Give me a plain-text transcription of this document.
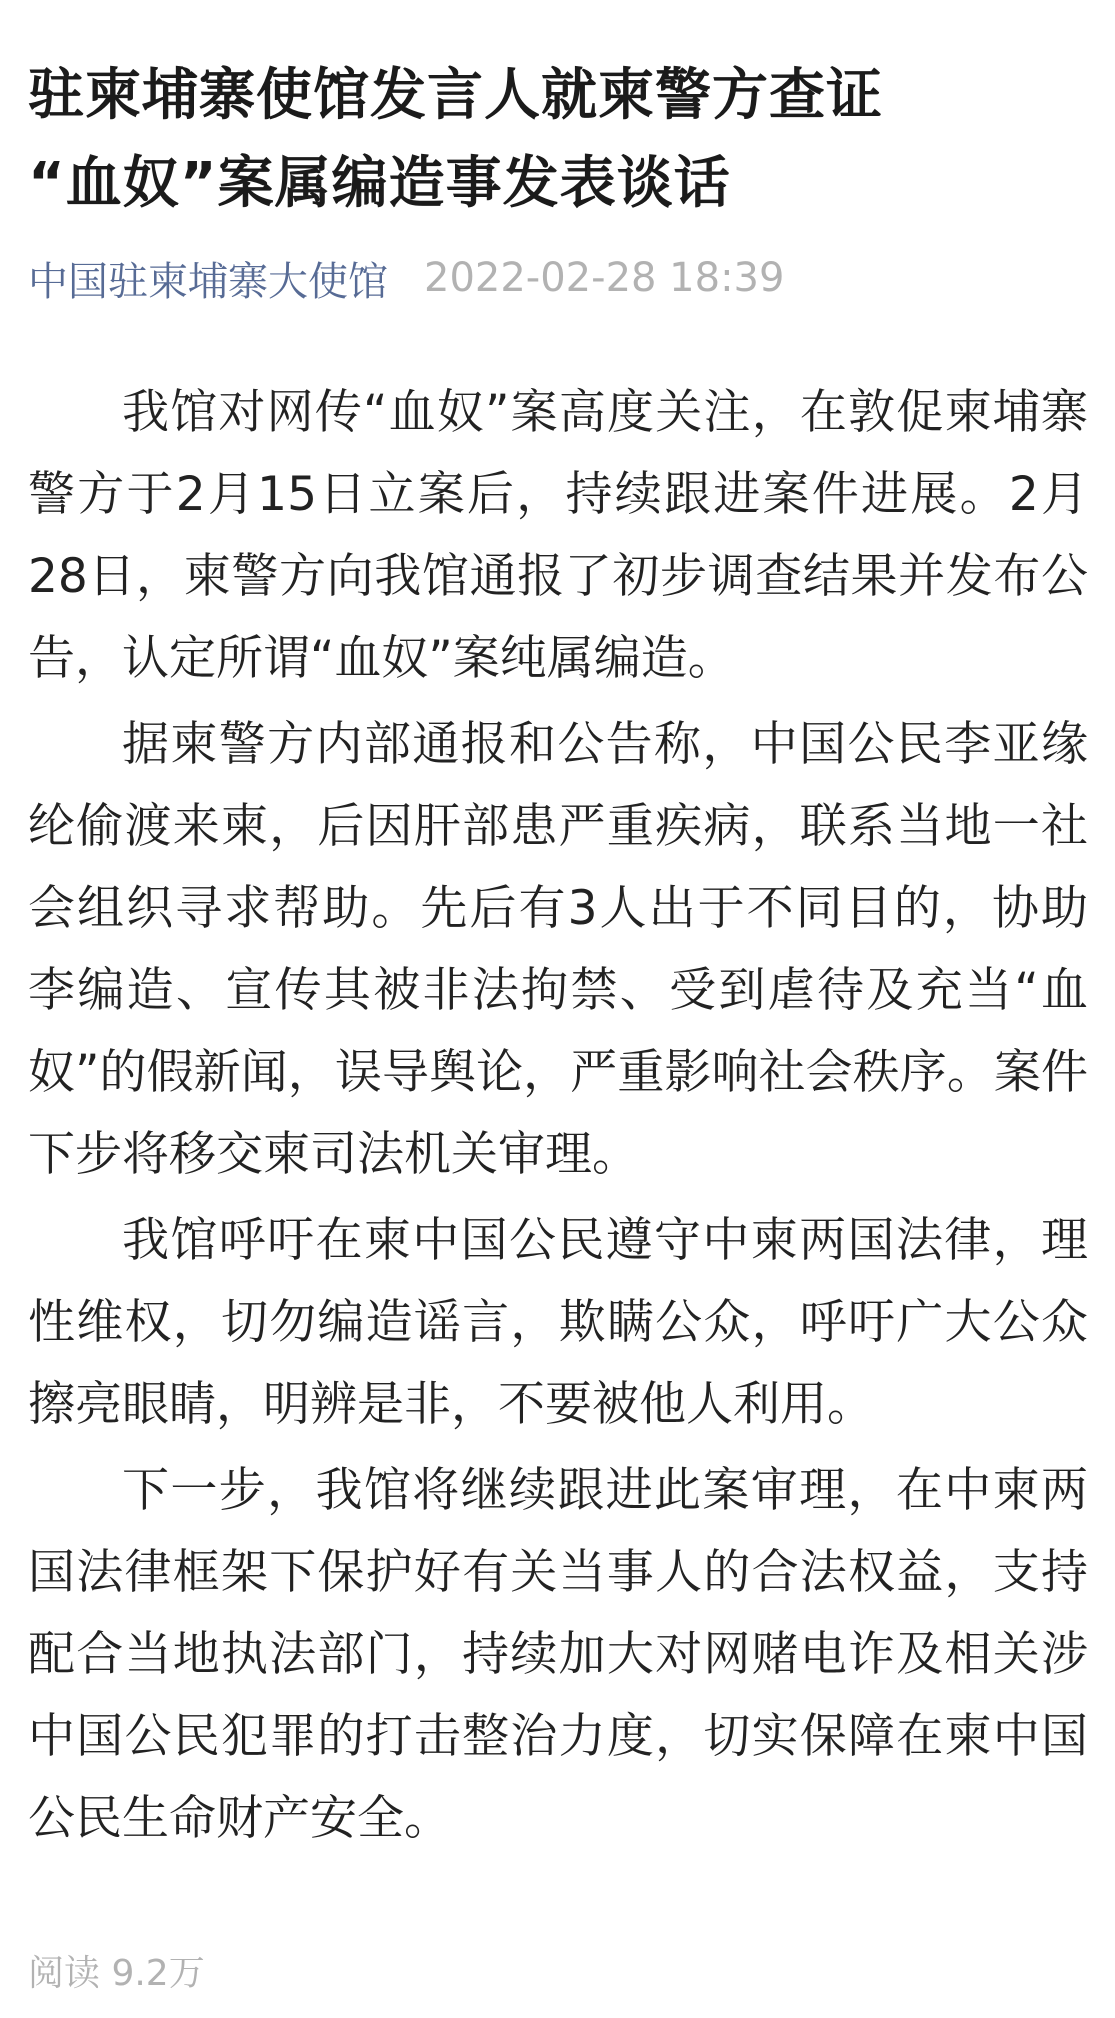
驻柬埔寨使馆发言人就柬警方查证
“血奴”案属编造事发表谈话
中国驻柬埔寨大使馆 2022-02-28 18:39

我馆对网传“血奴”案高度关注，在敦促柬埔寨警方于2月15日立案后，持续跟进案件进展。2月28日，柬警方向我馆通报了初步调查结果并发布公告，认定所谓“血奴”案纯属编造。

据柬警方内部通报和公告称，中国公民李亚缘纶偷渡来柬，后因肝部患严重疾病，联系当地一社会组织寻求帮助。先后有3人出于不同目的，协助李编造、宣传其被非法拘禁、受到虐待及充当“血奴”的假新闻，误导舆论，严重影响社会秩序。案件下步将移交柬司法机关审理。

我馆呼吁在柬中国公民遵守中柬两国法律，理性维权，切勿编造谣言，欺瞒公众，呼吁广大公众擦亮眼睛，明辨是非，不要被他人利用。

下一步，我馆将继续跟进此案审理，在中柬两国法律框架下保护好有关当事人的合法权益，支持配合当地执法部门，持续加大对网赌电诈及相关涉中国公民犯罪的打击整治力度，切实保障在柬中国公民生命财产安全。

阅读 9.2万
